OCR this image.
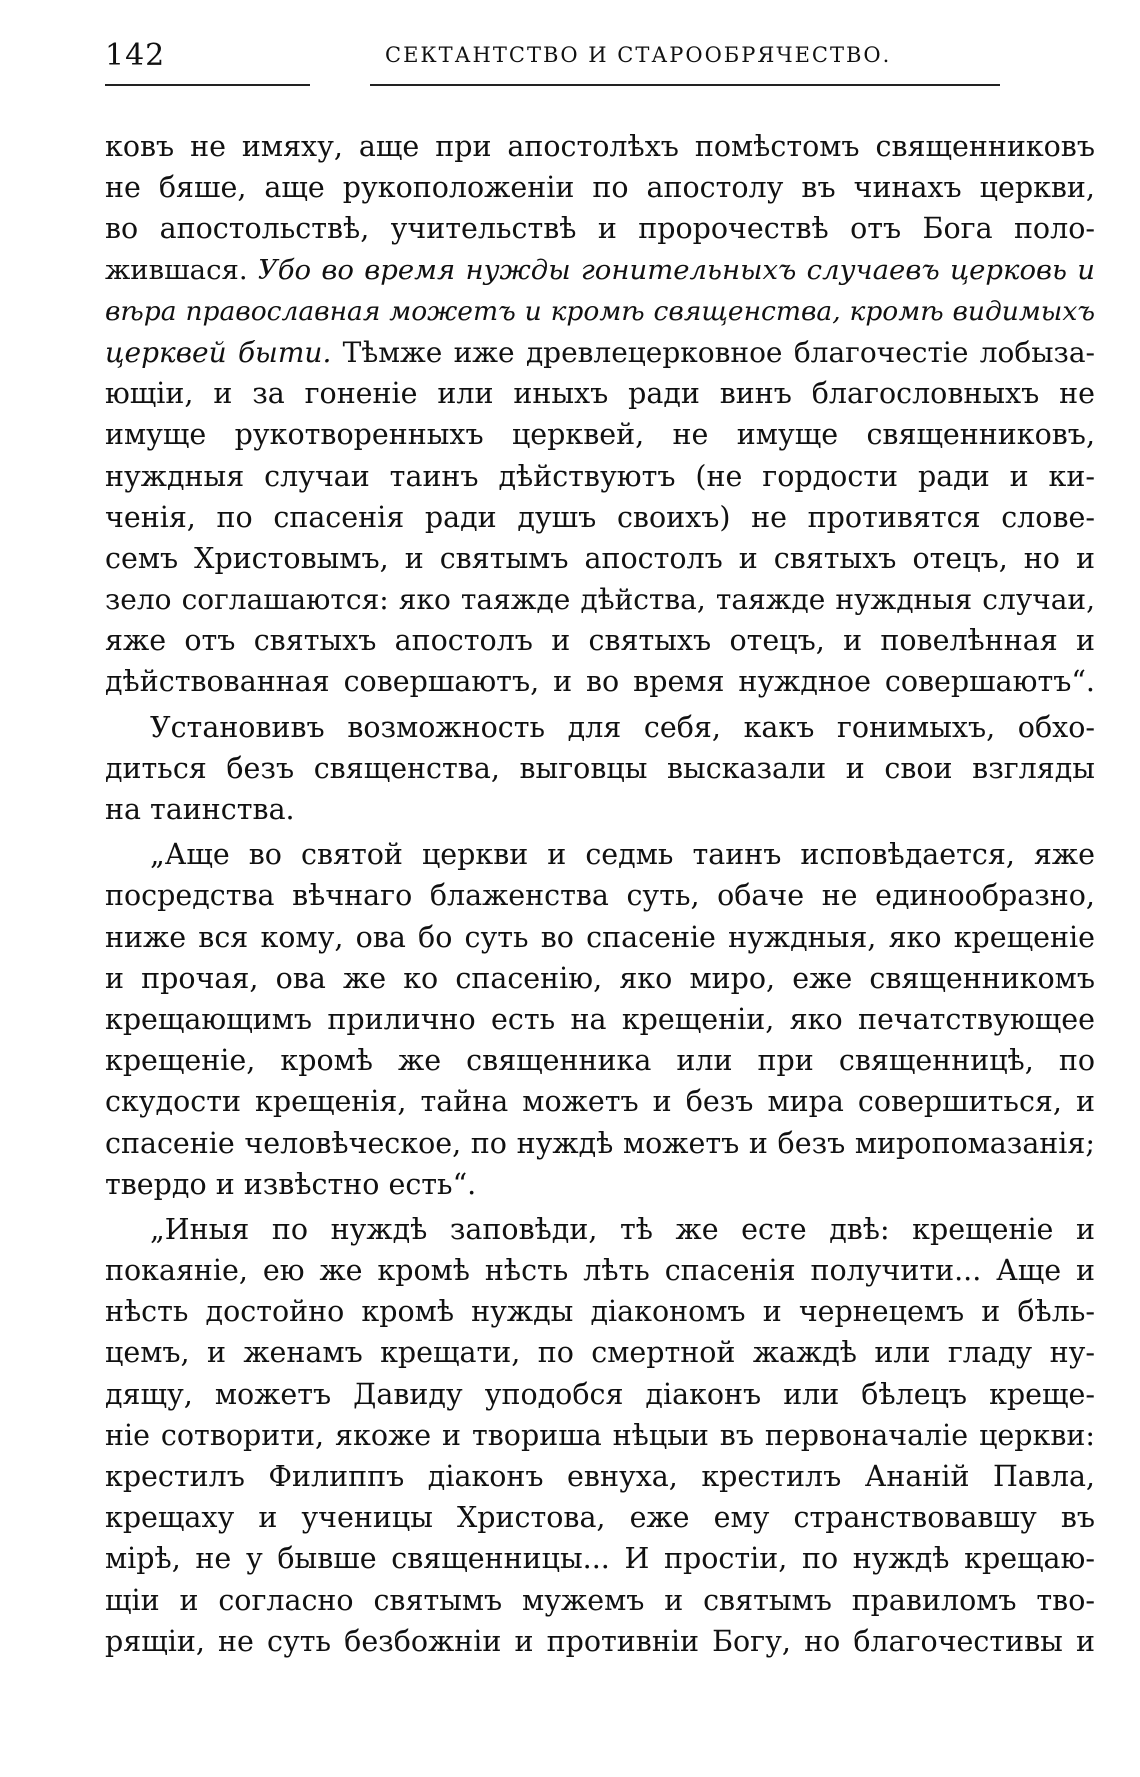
142	СЕКТАНТСТВО И СТАРООБРЯЧЕСТВО.
ковъ не имяху, аще при апостолѣхъ помѣстомъ священниковъ
не бяше, аще рукоположеніи по апостолу въ чинахъ церкви,
во апостольствѣ, учительствѣ и пророчествѣ отъ Бога поло-
жившася. Убо во время нужды гонительныхъ случаевъ церковь и
вѣра православная можетъ и кромѣ священства, кромѣ видимыхъ
церквей быти. Тѣмже иже древлецерковное благочестіе лобыза-
ющіи, и за гоненіе или иныхъ ради винъ благословныхъ не
имуще рукотворенныхъ церквей, не имуще священниковъ,
нуждныя случаи таинъ дѣйствуютъ (не гордости ради и ки-
ченія, по спасенія ради душъ своихъ) не противятся слове-
семъ Христовымъ, и святымъ апостолъ и святыхъ отецъ, но и
зело соглашаются: яко таяжде дѣйства, таяжде нуждныя случаи,
яже отъ святыхъ апостолъ и святыхъ отецъ, и повелѣнная и
дѣйствованная совершаютъ, и во время нуждное совершаютъ“.
Установивъ возможность для себя, какъ гонимыхъ, обхо-
диться безъ священства, выговцы высказали и свои взгляды
на таинства.
„Аще во святой церкви и седмь таинъ исповѣдается, яже
посредства вѣчнаго блаженства суть, обаче не единообразно,
ниже вся кому, ова бо суть во спасеніе нуждныя, яко крещеніе
и прочая, ова же ко спасенію, яко миро, еже священникомъ
крещающимъ прилично есть на крещеніи, яко печатствующее
крещеніе, кромѣ же священника или при священницѣ, по
скудости крещенія, тайна можетъ и безъ мира совершиться, и
спасеніе человѣческое, по нуждѣ можетъ и безъ миропомазанія;
твердо и извѣстно есть“.
„Иныя по нуждѣ заповѣди, тѣ же есте двѣ: крещеніе и
покаяніе, ею же кромѣ нѣсть лѣть спасенія получити... Аще и
нѣсть достойно кромѣ нужды діакономъ и чернецемъ и бѣль-
цемъ, и женамъ крещати, по смертной жаждѣ или гладу ну-
дящу, можетъ Давиду уподобся діаконъ или бѣлецъ креще-
ніе сотворити, якоже и твориша нѣцыи въ первоначаліе церкви:
крестилъ Филиппъ діаконъ евнуха, крестилъ Ананій Павла,
крещаху и ученицы Христова, еже ему странствовавшу въ
мірѣ, не у бывше священницы... И простіи, по нуждѣ крещаю-
щіи и согласно святымъ мужемъ и святымъ правиломъ тво-
рящіи, не суть безбожніи и противніи Богу, но благочестивы и
